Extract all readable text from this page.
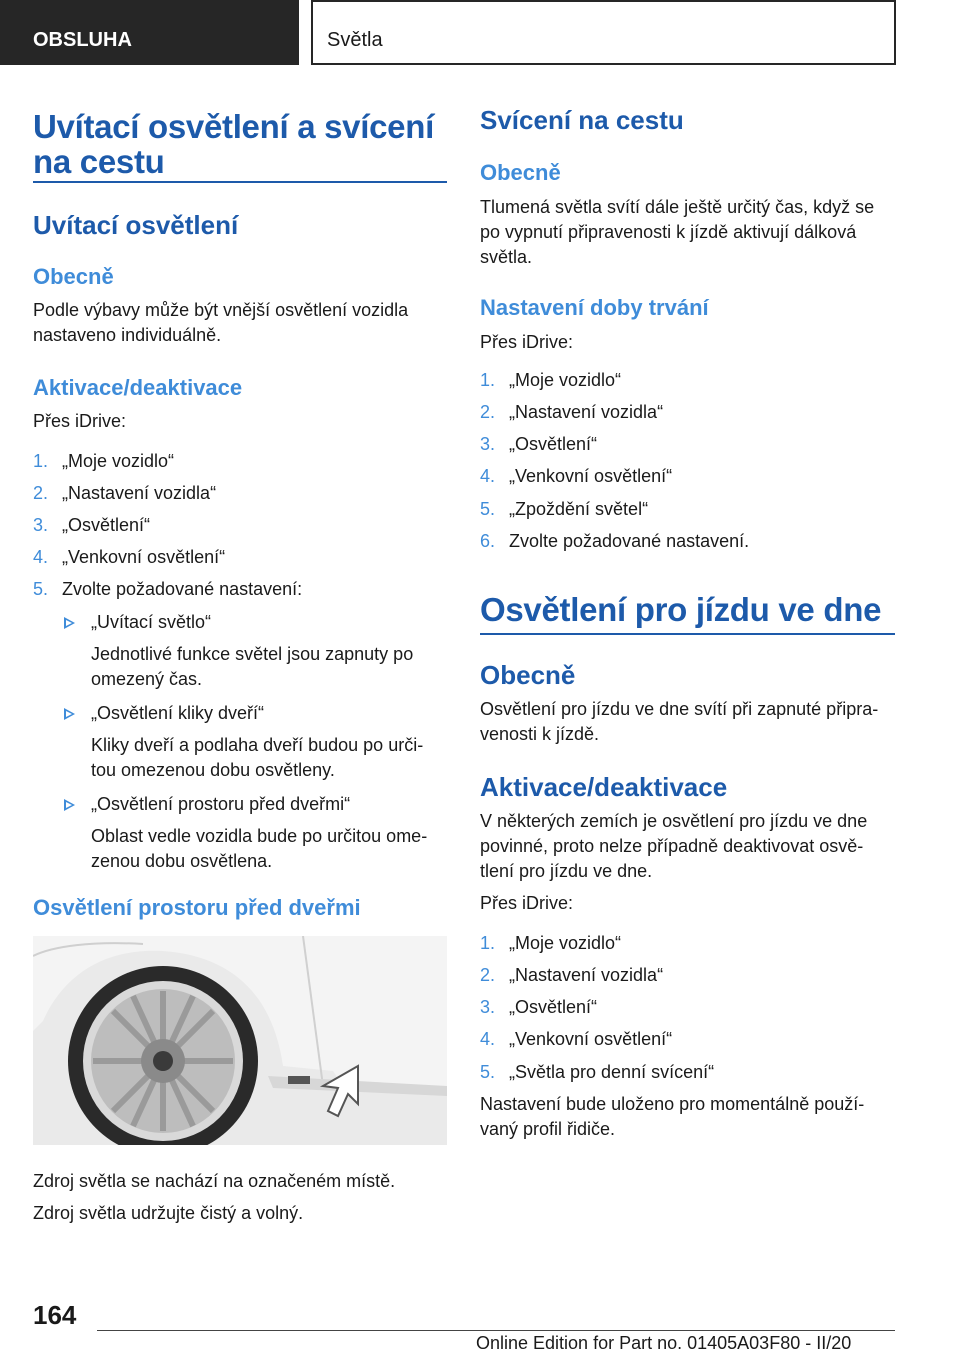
OBSLUHA	Světla
Uvítací osvětlení a svícení
na cestu
Uvítací osvětlení
Obecně
Podle výbavy může být vnější osvětlení vozidla
nastaveno individuálně.
Aktivace/deaktivace
Přes iDrive:
1. „Moje vozidlo“
2. „Nastavení vozidla“
3. „Osvětlení“
4. „Venkovní osvětlení“
5. Zvolte požadované nastavení:
„Uvítací světlo“
Jednotlivé funkce světel jsou zapnuty po
omezený čas.
„Osvětlení kliky dveří“
Kliky dveří a podlaha dveří budou po urči-
tou omezenou dobu osvětleny.
„Osvětlení prostoru před dveřmi“
Oblast vedle vozidla bude po určitou ome-
zenou dobu osvětlena.
Osvětlení prostoru před dveřmi
Zdroj světla se nachází na označeném místě.
Zdroj světla udržujte čistý a volný.
Svícení na cestu
Obecně
Tlumená světla svítí dále ještě určitý čas, když se
po vypnutí připravenosti k jízdě aktivují dálková
světla.
Nastavení doby trvání
Přes iDrive:
1. „Moje vozidlo“
2. „Nastavení vozidla“
3. „Osvětlení“
4. „Venkovní osvětlení“
5. „Zpoždění světel“
6. Zvolte požadované nastavení.
Osvětlení pro jízdu ve dne
Obecně
Osvětlení pro jízdu ve dne svítí při zapnuté připra-
venosti k jízdě.
Aktivace/deaktivace
V některých zemích je osvětlení pro jízdu ve dne
povinné, proto nelze případně deaktivovat osvě-
tlení pro jízdu ve dne.
Přes iDrive:
1. „Moje vozidlo“
2. „Nastavení vozidla“
3. „Osvětlení“
4. „Venkovní osvětlení“
5. „Světla pro denní svícení“
Nastavení bude uloženo pro momentálně použí-
vaný profil řidiče.
164
Online Edition for Part no. 01405A03F80 - II/20
